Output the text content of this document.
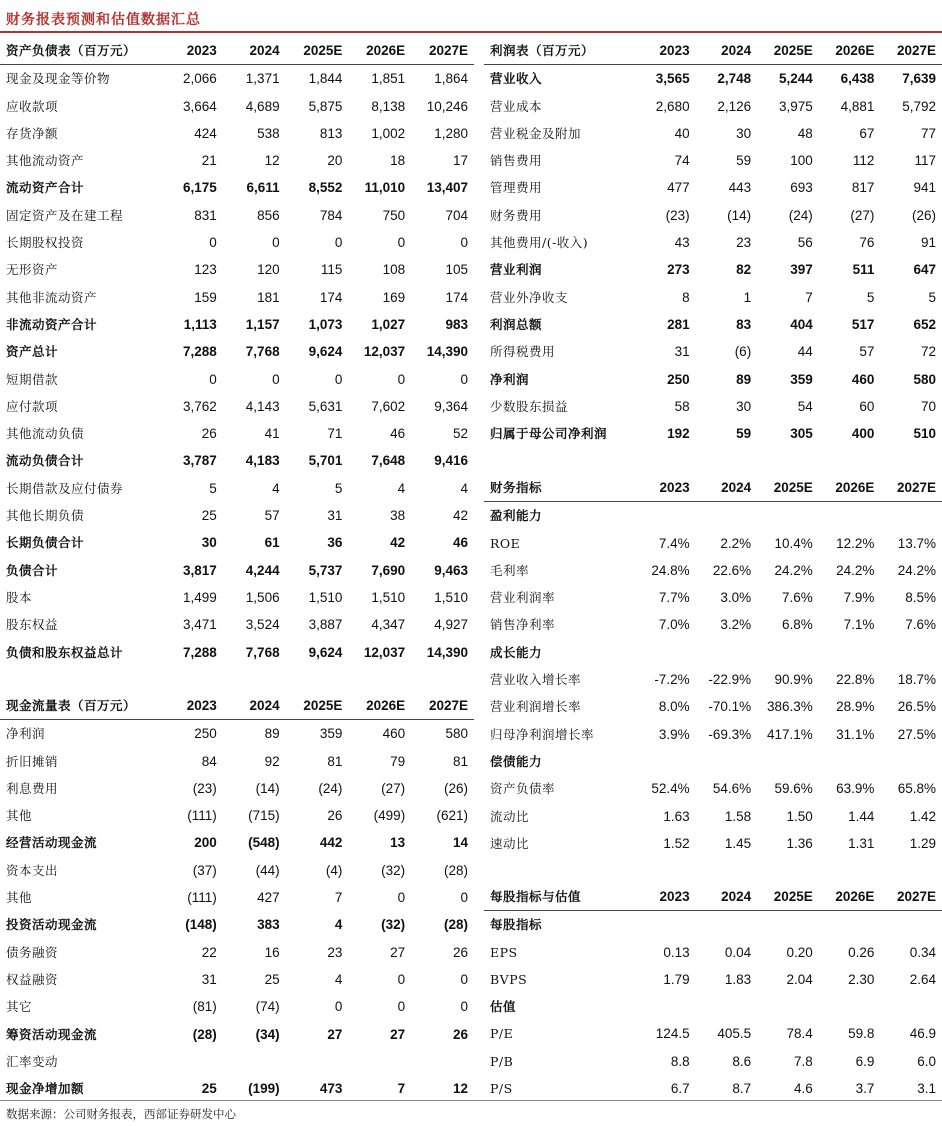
财务报表预测和估值数据汇总
资产负债表（百万元）	2023	2024	2025E	2026E	2027E
现金及现金等价物	2,066	1,371	1,844	1,851	1,864
应收款项	3,664	4,689	5,875	8,138	10,246
存货净额	424	538	813	1,002	1,280
其他流动资产	21	12	20	18	17
流动资产合计	6,175	6,611	8,552	11,010	13,407
固定资产及在建工程	831	856	784	750	704
长期股权投资	0	0	0	0	0
无形资产	123	120	115	108	105
其他非流动资产	159	181	174	169	174
非流动资产合计	1,113	1,157	1,073	1,027	983
资产总计	7,288	7,768	9,624	12,037	14,390
短期借款	0	0	0	0	0
应付款项	3,762	4,143	5,631	7,602	9,364
其他流动负债	26	41	71	46	52
流动负债合计	3,787	4,183	5,701	7,648	9,416
长期借款及应付债券	5	4	5	4	4
其他长期负债	25	57	31	38	42
长期负债合计	30	61	36	42	46
负债合计	3,817	4,244	5,737	7,690	9,463
股本	1,499	1,506	1,510	1,510	1,510
股东权益	3,471	3,524	3,887	4,347	4,927
负债和股东权益总计	7,288	7,768	9,624	12,037	14,390
现金流量表（百万元）	2023	2024	2025E	2026E	2027E
净利润	250	89	359	460	580
折旧摊销	84	92	81	79	81
利息费用	(23)	(14)	(24)	(27)	(26)
其他	(111)	(715)	26	(499)	(621)
经营活动现金流	200	(548)	442	13	14
资本支出	(37)	(44)	(4)	(32)	(28)
其他	(111)	427	7	0	0
投资活动现金流	(148)	383	4	(32)	(28)
债务融资	22	16	23	27	26
权益融资	31	25	4	0	0
其它	(81)	(74)	0	0	0
筹资活动现金流	(28)	(34)	27	27	26
汇率变动					
现金净增加额	25	(199)	473	7	12
利润表（百万元）	2023	2024	2025E	2026E	2027E
营业收入	3,565	2,748	5,244	6,438	7,639
营业成本	2,680	2,126	3,975	4,881	5,792
营业税金及附加	40	30	48	67	77
销售费用	74	59	100	112	117
管理费用	477	443	693	817	941
财务费用	(23)	(14)	(24)	(27)	(26)
其他费用/(-收入)	43	23	56	76	91
营业利润	273	82	397	511	647
营业外净收支	8	1	7	5	5
利润总额	281	83	404	517	652
所得税费用	31	(6)	44	57	72
净利润	250	89	359	460	580
少数股东损益	58	30	54	60	70
归属于母公司净利润	192	59	305	400	510
财务指标	2023	2024	2025E	2026E	2027E
盈利能力					
ROE	7.4%	2.2%	10.4%	12.2%	13.7%
毛利率	24.8%	22.6%	24.2%	24.2%	24.2%
营业利润率	7.7%	3.0%	7.6%	7.9%	8.5%
销售净利率	7.0%	3.2%	6.8%	7.1%	7.6%
成长能力					
营业收入增长率	-7.2%	-22.9%	90.9%	22.8%	18.7%
营业利润增长率	8.0%	-70.1%	386.3%	28.9%	26.5%
归母净利润增长率	3.9%	-69.3%	417.1%	31.1%	27.5%
偿债能力					
资产负债率	52.4%	54.6%	59.6%	63.9%	65.8%
流动比	1.63	1.58	1.50	1.44	1.42
速动比	1.52	1.45	1.36	1.31	1.29
每股指标与估值	2023	2024	2025E	2026E	2027E
每股指标					
EPS	0.13	0.04	0.20	0.26	0.34
BVPS	1.79	1.83	2.04	2.30	2.64
估值					
P/E	124.5	405.5	78.4	59.8	46.9
P/B	8.8	8.6	7.8	6.9	6.0
P/S	6.7	8.7	4.6	3.7	3.1
数据来源：公司财务报表，西部证券研发中心
